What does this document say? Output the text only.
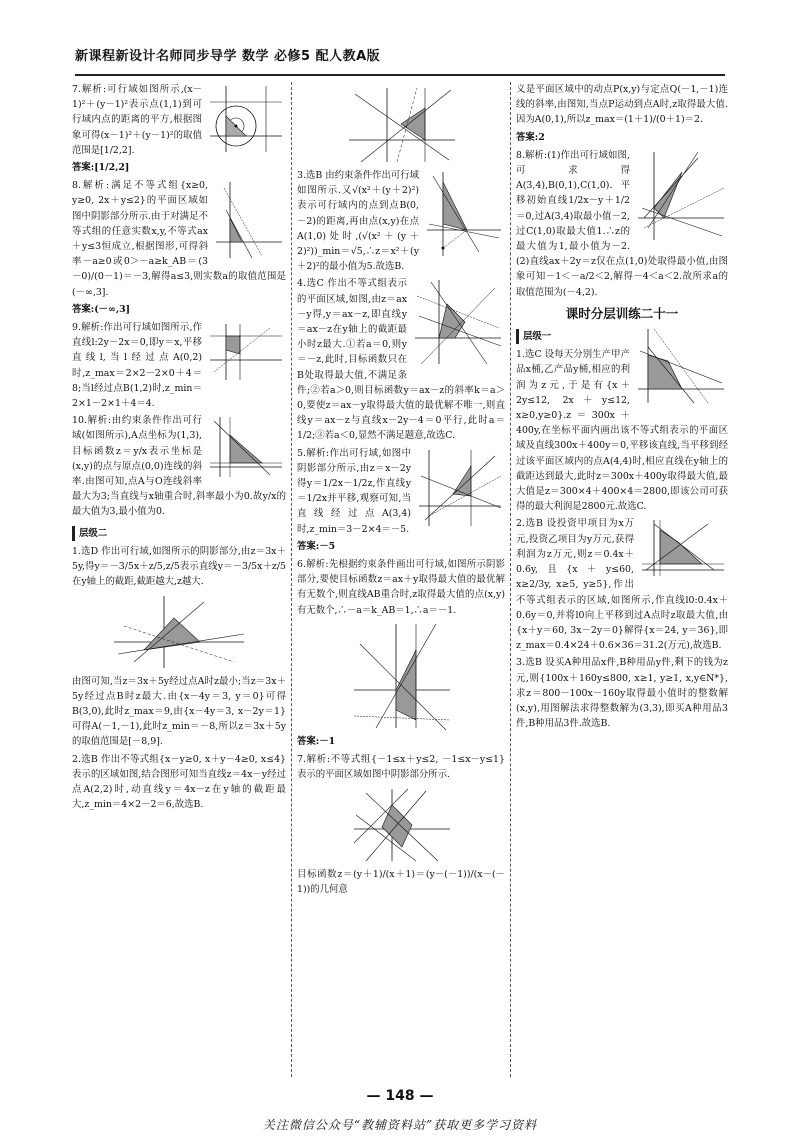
新课程新设计名师同步导学 数学 必修5 配人教A版
7.解析:可行域如图所示,(x－1)²＋(y－1)²表示点(1,1)到可行域内点的距离的平方,根据图象可得(x－1)²＋(y－1)²的取值范围是[1/2,2].
答案:[1/2,2]
8.解析:满足不等式组{x≥0, y≥0, 2x＋y≤2}的平面区域如图中阴影部分所示.由于对满足不等式组的任意实数x,y,不等式ax＋y≤3恒成立,根据图形,可得斜率－a≥0或0＞－a≥k_AB＝(3－0)/(0－1)＝－3,解得a≤3,则实数a的取值范围是(－∞,3].
答案:(－∞,3]
9.解析:作出可行域如图所示,作直线l:2y－2x＝0,即y＝x,平移直线l,当l经过点A(0,2)时,z_max＝2×2－2×0＋4＝8;当l经过点B(1,2)时,z_min＝2×1－2×1＋4＝4.
10.解析:由约束条件作出可行域(如图所示),A点坐标为(1,3),目标函数z＝y/x表示坐标是(x,y)的点与原点(0,0)连线的斜率.由图可知,点A与O连线斜率最大为3;当直线与x轴重合时,斜率最小为0.故y/x的最大值为3,最小值为0.
层级二
1.选D 作出可行域,如图所示的阴影部分,由z＝3x＋5y,得y＝－3/5x＋z/5,z/5表示直线y＝－3/5x＋z/5在y轴上的截距,截距越大,z越大.
由图可知,当z＝3x＋5y经过点A时z最小;当z＝3x＋5y经过点B时z最大.由{x－4y＝3, y＝0}可得B(3,0),此时z_max＝9,由{x－4y＝3, x－2y＝1}可得A(－1,－1),此时z_min＝－8,所以z＝3x＋5y的取值范围是[－8,9].
2.选B 作出不等式组{x－y≥0, x＋y－4≥0, x≤4}表示的区域如图,结合图形可知当直线z＝4x－y经过点A(2,2)时,动直线y＝4x－z在y轴的截距最大,z_min＝4×2－2＝6,故选B.
3.选B 由约束条件作出可行域如图所示.又√(x²＋(y＋2)²)表示可行域内的点到点B(0,－2)的距离,再由点(x,y)在点A(1,0)处时,(√(x²＋(y＋2)²))_min＝√5,∴z＝x²＋(y＋2)²的最小值为5.故选B.
4.选C 作出不等式组表示的平面区域,如图,由z＝ax－y得,y＝ax－z,即直线y＝ax－z在y轴上的截距最小时z最大.①若a＝0,则y＝－z,此时,目标函数只在B处取得最大值,不满足条件;②若a＞0,则目标函数y＝ax－z的斜率k＝a＞0,要使z＝ax－y取得最大值的最优解不唯一,则直线y＝ax－z与直线x－2y－4＝0平行,此时a＝1/2;③若a＜0,显然不满足题意,故选C.
5.解析:作出可行域,如图中阴影部分所示,由z＝x－2y得y＝1/2x－1/2z,作直线y＝1/2x并平移,观察可知,当直线经过点A(3,4)时,z_min＝3－2×4＝－5.
答案:－5
6.解析:先根据约束条件画出可行域,如图所示阴影部分,要使目标函数z＝ax＋y取得最大值的最优解有无数个,则直线AB重合时,z取得最大值的点(x,y)有无数个,∴－a＝k_AB＝1,∴a＝－1.
答案:－1
7.解析:不等式组{－1≤x＋y≤2, －1≤x－y≤1}表示的平面区域如图中阴影部分所示.
目标函数z＝(y＋1)/(x＋1)＝(y－(－1))/(x－(－1))的几何意
义是平面区域中的动点P(x,y)与定点Q(－1,－1)连线的斜率,由图知,当点P运动到点A时,z取得最大值.因为A(0,1),所以z_max＝(1＋1)/(0＋1)＝2.
答案:2
8.解析:(1)作出可行域如图,可求得A(3,4),B(0,1),C(1,0).平移初始直线1/2x－y＋1/2＝0,过A(3,4)取最小值－2,过C(1,0)取最大值1.∴z的最大值为1,最小值为－2.(2)直线ax＋2y＝z仅在点(1,0)处取得最小值,由图象可知－1＜－a/2＜2,解得－4＜a＜2.故所求a的取值范围为(－4,2).
课时分层训练二十一
层级一
1.选C 设每天分别生产甲产品x桶,乙产品y桶,相应的利润为z元,于是有{x＋2y≤12, 2x＋y≤12, x≥0,y≥0}.z＝300x＋400y,在坐标平面内画出该不等式组表示的平面区域及直线300x＋400y＝0,平移该直线,当平移到经过该平面区域内的点A(4,4)时,相应直线在y轴上的截距达到最大,此时z＝300x＋400y取得最大值,最大值是z＝300×4＋400×4＝2800,即该公司可获得的最大利润是2800元.故选C.
2.选B 设投资甲项目为x万元,投资乙项目为y万元,获得利润为z万元,则z＝0.4x＋0.6y,且{x＋y≤60, x≥2/3y, x≥5, y≥5},作出不等式组表示的区域,如图所示,作直线l0:0.4x＋0.6y＝0,并将l0向上平移到过A点时z取最大值,由{x＋y＝60, 3x－2y＝0}解得{x＝24, y＝36},即z_max＝0.4×24＋0.6×36＝31.2(万元),故选B.
3.选B 设买A种用品x件,B种用品y件,剩下的钱为z元,则{100x＋160y≤800, x≥1, y≥1, x,y∈N*},求z＝800－100x－160y取得最小值时的整数解(x,y),用图解法求得整数解为(3,3),即买A种用品3件,B种用品3件.故选B.
— 148 —
关注微信公众号“教辅资料站”获取更多学习资料
